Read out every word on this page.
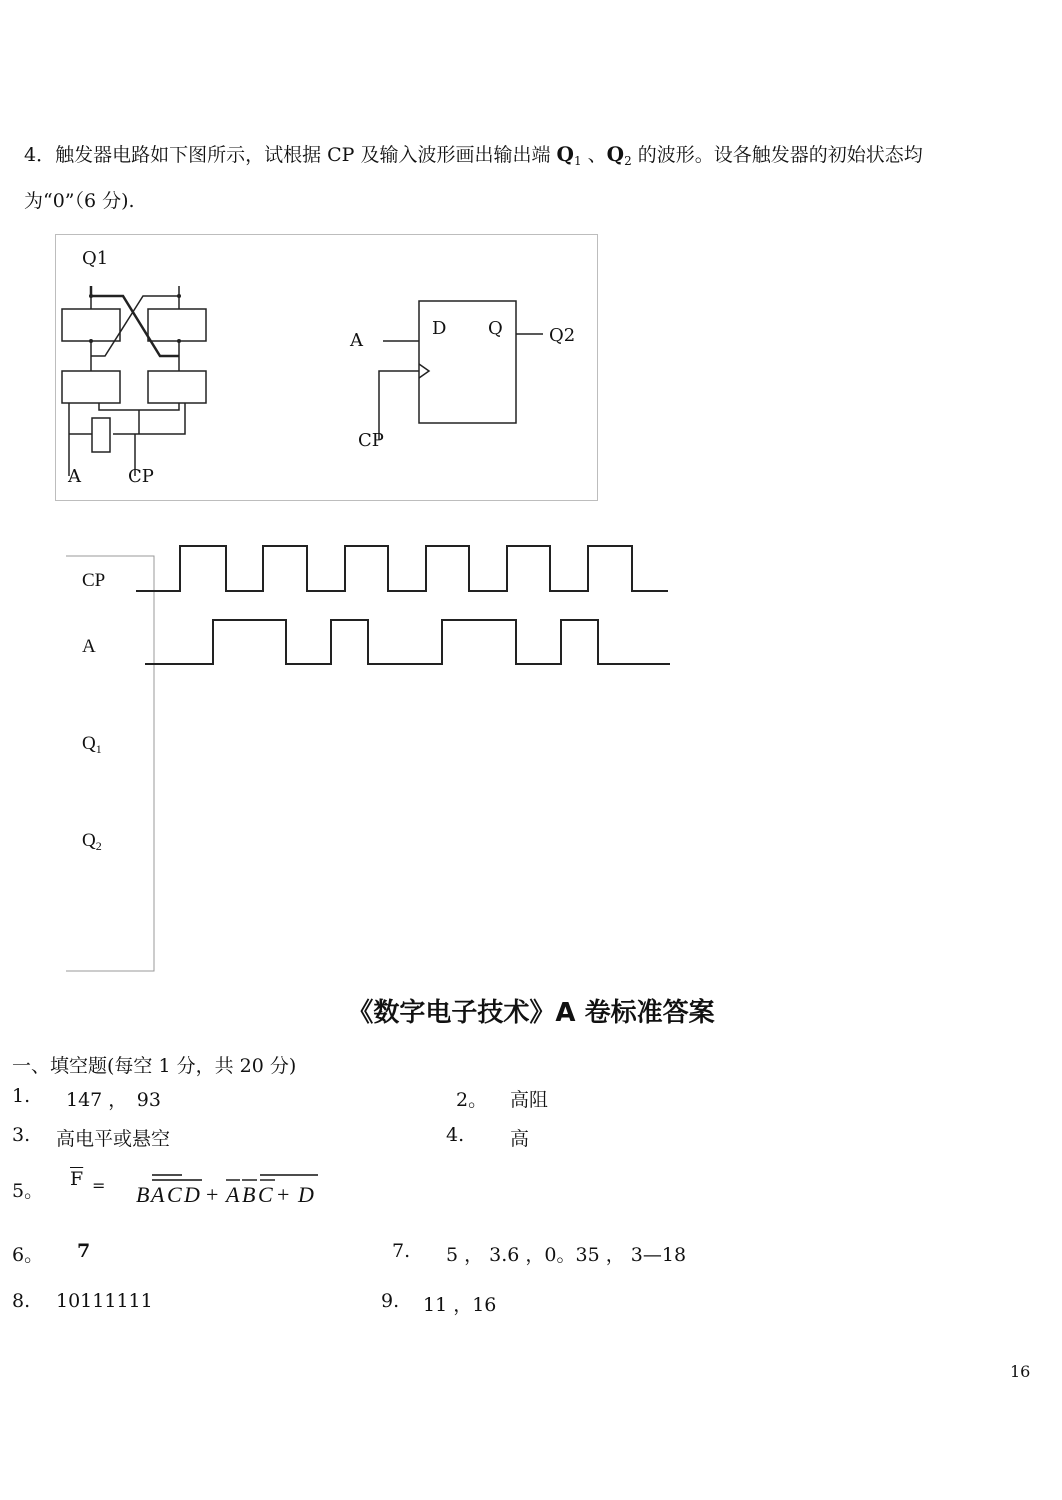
4．触发器电路如下图所示，试根据 CP 及输入波形画出输出端 $Q_1$ 、$Q_2$ 的波形。设各触发器的初始状态均
为“0”（6 分).
Q1
A	CP
D Q
A	Q2
CP
CP
A
$Q_1$
$Q_2$
《数字电子技术》A 卷标准答案
一、填空题(每空 1 分，共 20 分)
1. 147 ，　93	2。 高阻
3. 高电平或悬空	4. 高
5。
$\overline{F} = B$ A C D + A B C + D
6。 7	7. 5 ， 3.6 ，0。35 ， 3—18
8. 10111111	9. 11 ，16
16
